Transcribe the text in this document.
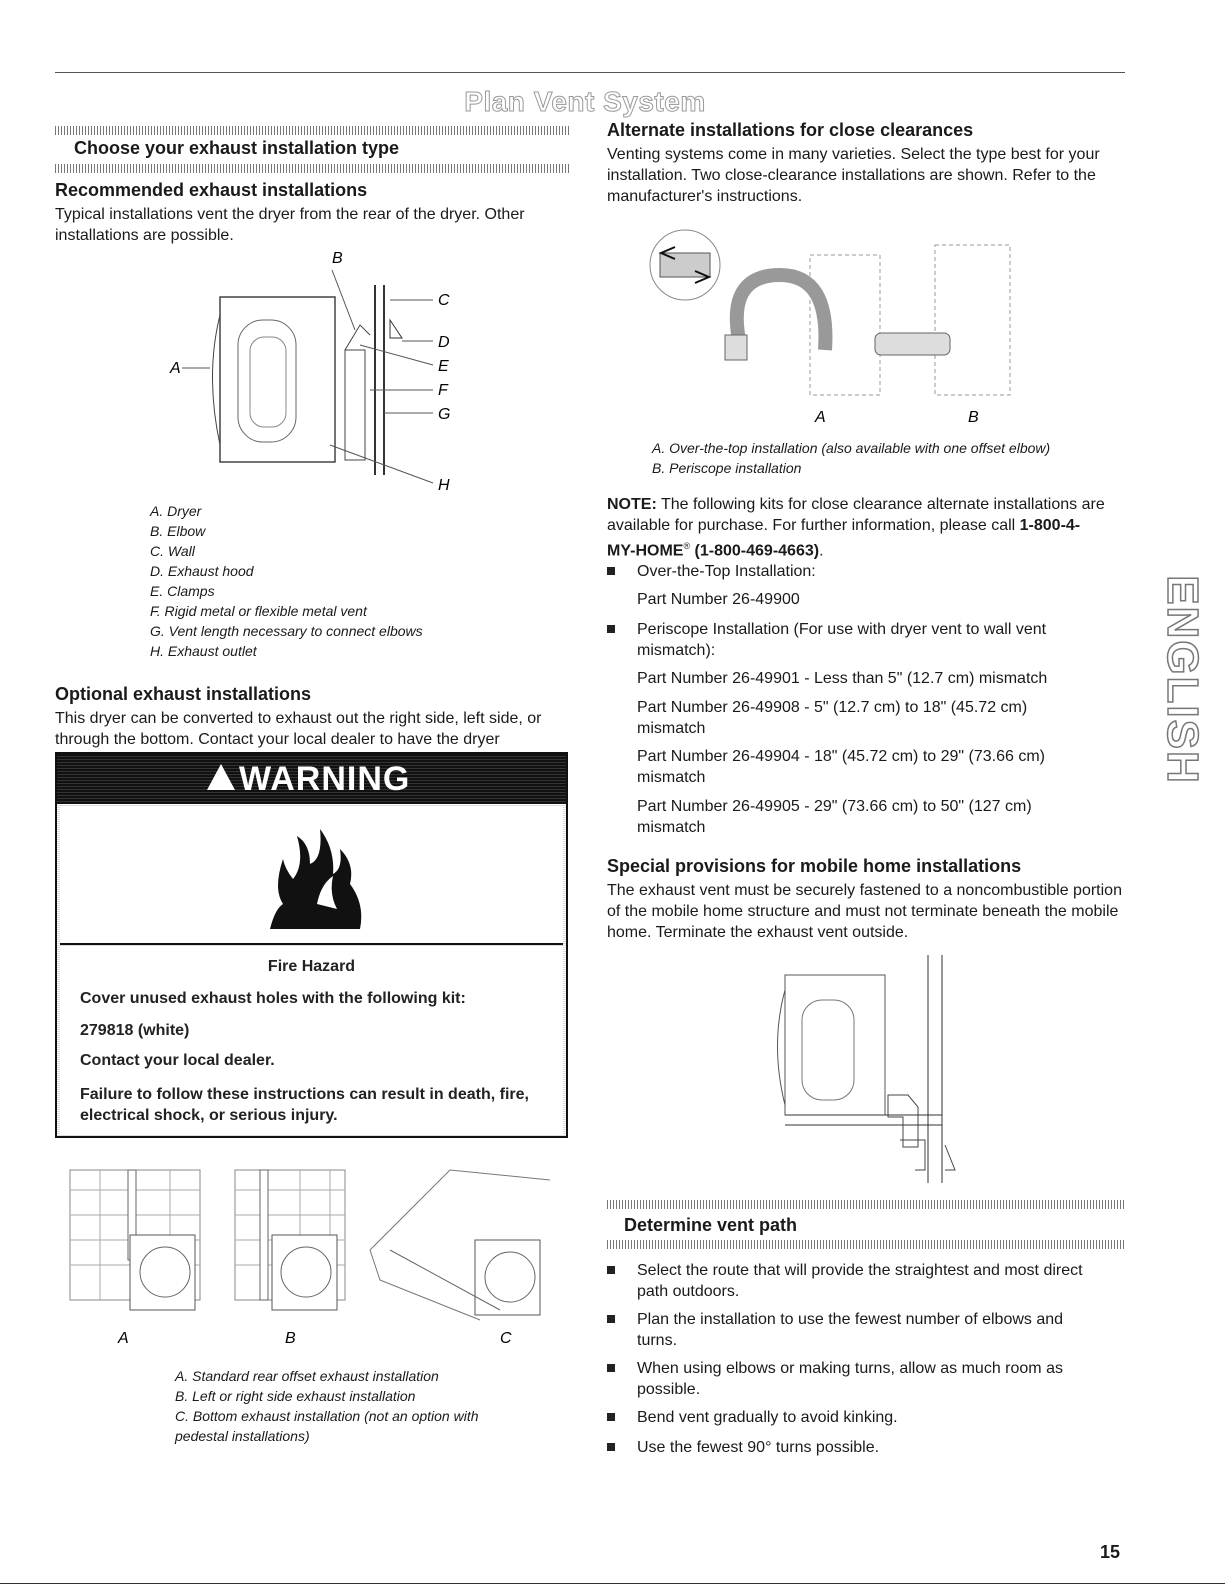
Plan Vent System
Choose your exhaust installation type
Recommended exhaust installations
Typical installations vent the dryer from the rear of the dryer. Other installations are possible.
B
A
C
D
E
F
G
H
A. Dryer
B. Elbow
C. Wall
D. Exhaust hood
E. Clamps
F. Rigid metal or flexible metal vent
G. Vent length necessary to connect elbows
H. Exhaust outlet
Optional exhaust installations
This dryer can be converted to exhaust out the right side, left side, or through the bottom. Contact your local dealer to have the dryer
WARNING
Fire Hazard
Cover unused exhaust holes with the following kit:
279818 (white)
Contact your local dealer.
Failure to follow these instructions can result in death, fire, electrical shock, or serious injury.
A	B	C
A. Standard rear offset exhaust installation
B. Left or right side exhaust installation
C. Bottom exhaust installation (not an option with pedestal installations)
Alternate installations for close clearances
Venting systems come in many varieties. Select the type best for your installation. Two close-clearance installations are shown. Refer to the manufacturer's instructions.
A	B
A. Over-the-top installation (also available with one offset elbow)
B. Periscope installation
NOTE: The following kits for close clearance alternate installations are available for purchase. For further information, please call 1-800-4-MY-HOME® (1-800-469-4663).
Over-the-Top Installation:
Part Number 26-49900
Periscope Installation (For use with dryer vent to wall vent mismatch):
Part Number 26-49901 - Less than 5" (12.7 cm) mismatch
Part Number 26-49908 - 5" (12.7 cm) to 18" (45.72 cm) mismatch
Part Number 26-49904 - 18" (45.72 cm) to 29" (73.66 cm) mismatch
Part Number 26-49905 - 29" (73.66 cm) to 50" (127 cm) mismatch
Special provisions for mobile home installations
The exhaust vent must be securely fastened to a noncombustible portion of the mobile home structure and must not terminate beneath the mobile home. Terminate the exhaust vent outside.
Determine vent path
Select the route that will provide the straightest and most direct path outdoors.
Plan the installation to use the fewest number of elbows and turns.
When using elbows or making turns, allow as much room as possible.
Bend vent gradually to avoid kinking.
Use the fewest 90° turns possible.
ENGLISH
15
